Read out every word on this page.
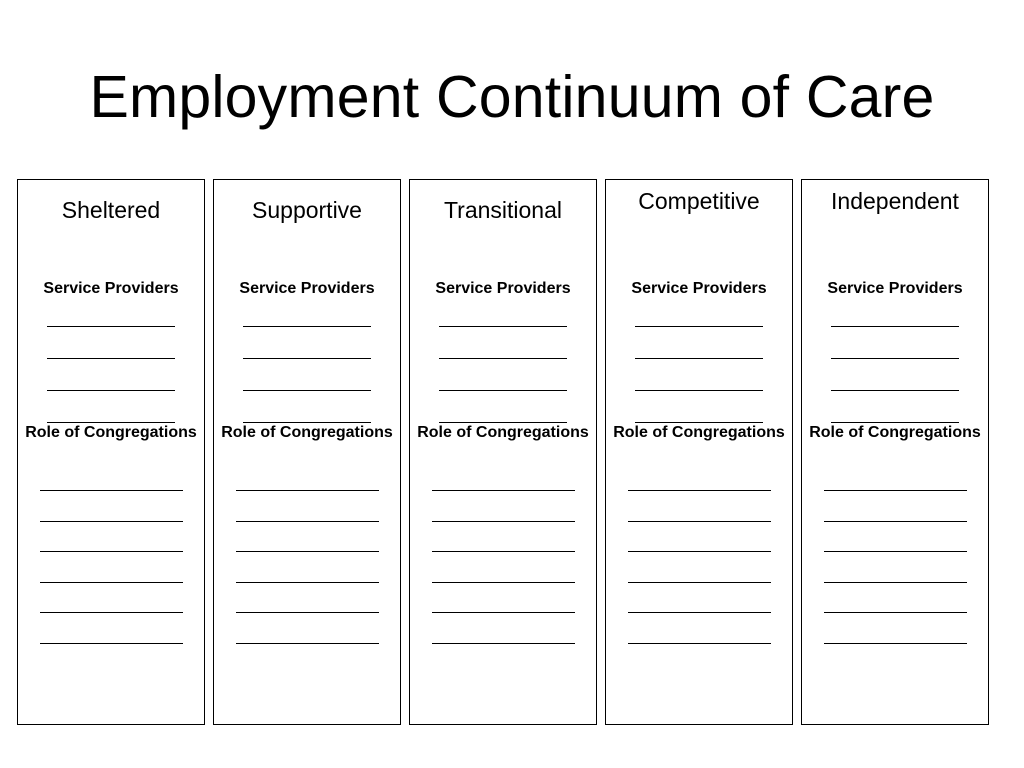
Employment Continuum of Care
Sheltered
Service Providers
Role of Congregations
Supportive
Service Providers
Role of Congregations
Transitional
Service Providers
Role of Congregations
Competitive
Service Providers
Role of Congregations
Independent
Service Providers
Role of Congregations
